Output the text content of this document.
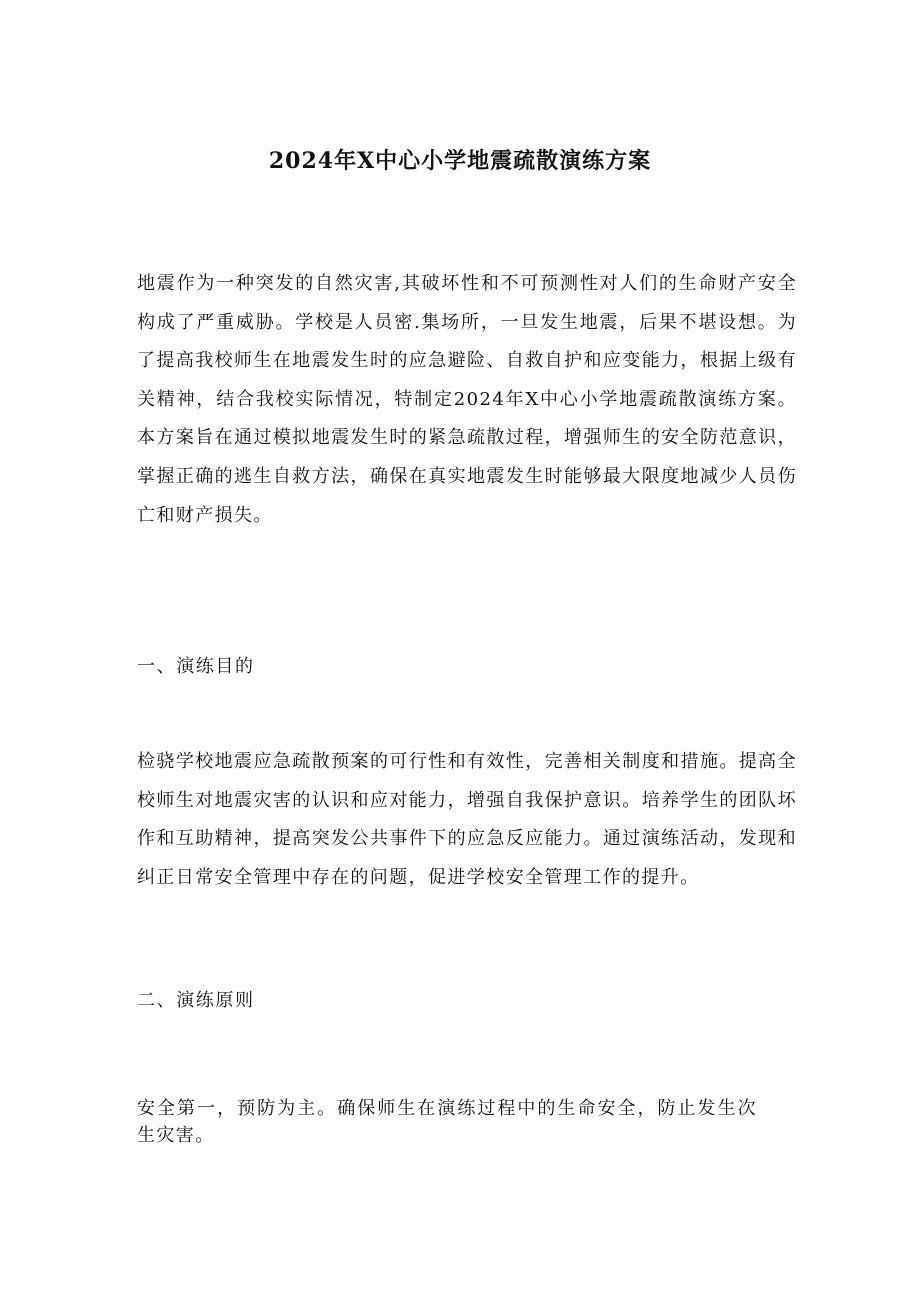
2024年X中心小学地震疏散演练方案
地震作为一种突发的自然灾害,其破坏性和不可预测性对人们的生命财产安全构成了严重威胁。学校是人员密.集场所，一旦发生地震，后果不堪设想。为了提高我校师生在地震发生时的应急避险、自救自护和应变能力，根据上级有关精神，结合我校实际情况，特制定2024年X中心小学地震疏散演练方案。本方案旨在通过模拟地震发生时的紧急疏散过程，增强师生的安全防范意识，掌握正确的逃生自救方法，确保在真实地震发生时能够最大限度地减少人员伤亡和财产损失。
一、演练目的
检骁学校地震应急疏散预案的可行性和有效性，完善相关制度和措施。提高全校师生对地震灾害的认识和应对能力，增强自我保护意识。培养学生的团队坏作和互助精神，提高突发公共事件下的应急反应能力。通过演练活动，发现和纠正日常安全管理中存在的问题，促进学校安全管理工作的提升。
二、演练原则
安全第一，预防为主。确保师生在演练过程中的生命安全，防止发生次生灾害。
